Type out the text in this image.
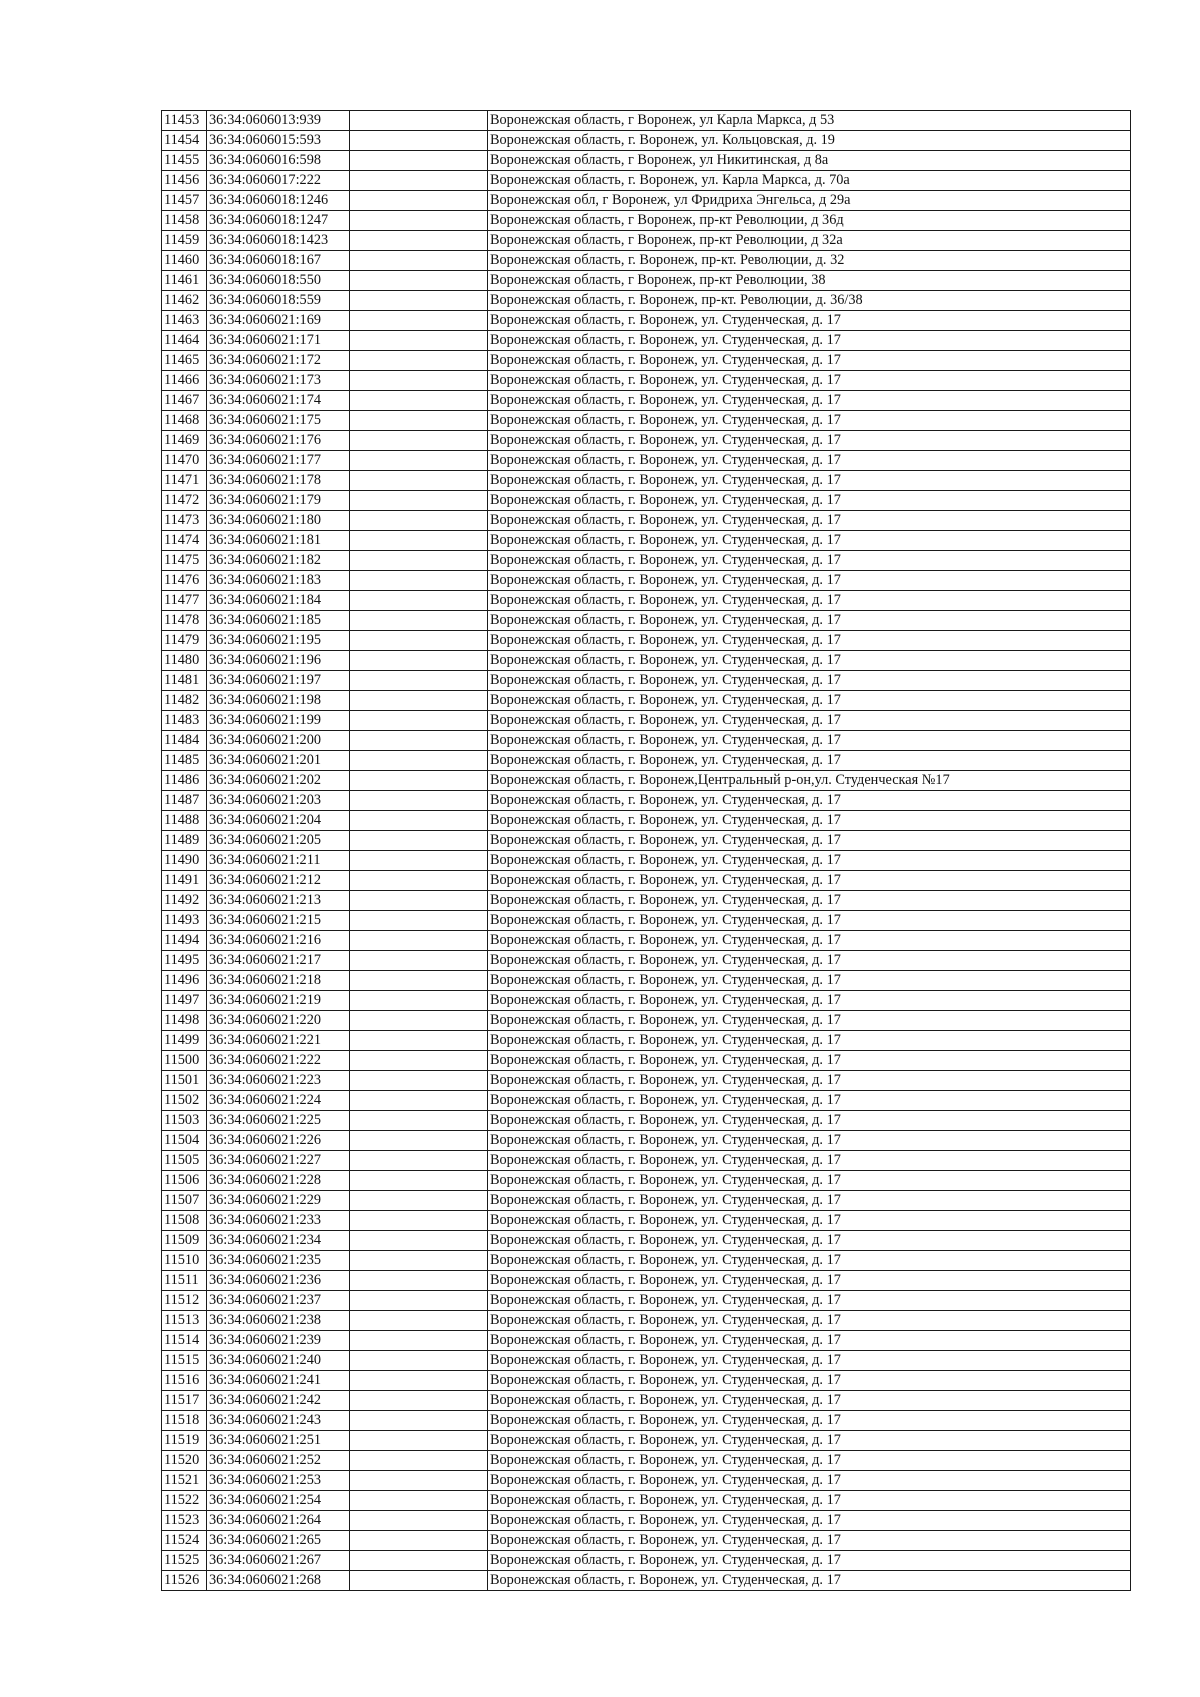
11453	36:34:0606013:939		Воронежская область, г Воронеж, ул Карла Маркса, д 53
11454	36:34:0606015:593		Воронежская область, г. Воронеж, ул. Кольцовская, д. 19
11455	36:34:0606016:598		Воронежская область, г Воронеж, ул Никитинская, д 8а
11456	36:34:0606017:222		Воронежская область, г. Воронеж, ул. Карла Маркса, д. 70а
11457	36:34:0606018:1246		Воронежская обл, г Воронеж, ул Фридриха Энгельса, д 29а
11458	36:34:0606018:1247		Воронежская область, г Воронеж, пр-кт Революции, д 36д
11459	36:34:0606018:1423		Воронежская область, г Воронеж, пр-кт Революции, д 32а
11460	36:34:0606018:167		Воронежская область, г. Воронеж, пр-кт. Революции, д. 32
11461	36:34:0606018:550		Воронежская область, г Воронеж, пр-кт Революции, 38
11462	36:34:0606018:559		Воронежская область, г. Воронеж, пр-кт. Революции, д. 36/38
11463	36:34:0606021:169		Воронежская область, г. Воронеж, ул. Студенческая, д. 17
11464	36:34:0606021:171		Воронежская область, г. Воронеж, ул. Студенческая, д. 17
11465	36:34:0606021:172		Воронежская область, г. Воронеж, ул. Студенческая, д. 17
11466	36:34:0606021:173		Воронежская область, г. Воронеж, ул. Студенческая, д. 17
11467	36:34:0606021:174		Воронежская область, г. Воронеж, ул. Студенческая, д. 17
11468	36:34:0606021:175		Воронежская область, г. Воронеж, ул. Студенческая, д. 17
11469	36:34:0606021:176		Воронежская область, г. Воронеж, ул. Студенческая, д. 17
11470	36:34:0606021:177		Воронежская область, г. Воронеж, ул. Студенческая, д. 17
11471	36:34:0606021:178		Воронежская область, г. Воронеж, ул. Студенческая, д. 17
11472	36:34:0606021:179		Воронежская область, г. Воронеж, ул. Студенческая, д. 17
11473	36:34:0606021:180		Воронежская область, г. Воронеж, ул. Студенческая, д. 17
11474	36:34:0606021:181		Воронежская область, г. Воронеж, ул. Студенческая, д. 17
11475	36:34:0606021:182		Воронежская область, г. Воронеж, ул. Студенческая, д. 17
11476	36:34:0606021:183		Воронежская область, г. Воронеж, ул. Студенческая, д. 17
11477	36:34:0606021:184		Воронежская область, г. Воронеж, ул. Студенческая, д. 17
11478	36:34:0606021:185		Воронежская область, г. Воронеж, ул. Студенческая, д. 17
11479	36:34:0606021:195		Воронежская область, г. Воронеж, ул. Студенческая, д. 17
11480	36:34:0606021:196		Воронежская область, г. Воронеж, ул. Студенческая, д. 17
11481	36:34:0606021:197		Воронежская область, г. Воронеж, ул. Студенческая, д. 17
11482	36:34:0606021:198		Воронежская область, г. Воронеж, ул. Студенческая, д. 17
11483	36:34:0606021:199		Воронежская область, г. Воронеж, ул. Студенческая, д. 17
11484	36:34:0606021:200		Воронежская область, г. Воронеж, ул. Студенческая, д. 17
11485	36:34:0606021:201		Воронежская область, г. Воронеж, ул. Студенческая, д. 17
11486	36:34:0606021:202		Воронежская область, г. Воронеж,Центральный р-он,ул. Студенческая №17
11487	36:34:0606021:203		Воронежская область, г. Воронеж, ул. Студенческая, д. 17
11488	36:34:0606021:204		Воронежская область, г. Воронеж, ул. Студенческая, д. 17
11489	36:34:0606021:205		Воронежская область, г. Воронеж, ул. Студенческая, д. 17
11490	36:34:0606021:211		Воронежская область, г. Воронеж, ул. Студенческая, д. 17
11491	36:34:0606021:212		Воронежская область, г. Воронеж, ул. Студенческая, д. 17
11492	36:34:0606021:213		Воронежская область, г. Воронеж, ул. Студенческая, д. 17
11493	36:34:0606021:215		Воронежская область, г. Воронеж, ул. Студенческая, д. 17
11494	36:34:0606021:216		Воронежская область, г. Воронеж, ул. Студенческая, д. 17
11495	36:34:0606021:217		Воронежская область, г. Воронеж, ул. Студенческая, д. 17
11496	36:34:0606021:218		Воронежская область, г. Воронеж, ул. Студенческая, д. 17
11497	36:34:0606021:219		Воронежская область, г. Воронеж, ул. Студенческая, д. 17
11498	36:34:0606021:220		Воронежская область, г. Воронеж, ул. Студенческая, д. 17
11499	36:34:0606021:221		Воронежская область, г. Воронеж, ул. Студенческая, д. 17
11500	36:34:0606021:222		Воронежская область, г. Воронеж, ул. Студенческая, д. 17
11501	36:34:0606021:223		Воронежская область, г. Воронеж, ул. Студенческая, д. 17
11502	36:34:0606021:224		Воронежская область, г. Воронеж, ул. Студенческая, д. 17
11503	36:34:0606021:225		Воронежская область, г. Воронеж, ул. Студенческая, д. 17
11504	36:34:0606021:226		Воронежская область, г. Воронеж, ул. Студенческая, д. 17
11505	36:34:0606021:227		Воронежская область, г. Воронеж, ул. Студенческая, д. 17
11506	36:34:0606021:228		Воронежская область, г. Воронеж, ул. Студенческая, д. 17
11507	36:34:0606021:229		Воронежская область, г. Воронеж, ул. Студенческая, д. 17
11508	36:34:0606021:233		Воронежская область, г. Воронеж, ул. Студенческая, д. 17
11509	36:34:0606021:234		Воронежская область, г. Воронеж, ул. Студенческая, д. 17
11510	36:34:0606021:235		Воронежская область, г. Воронеж, ул. Студенческая, д. 17
11511	36:34:0606021:236		Воронежская область, г. Воронеж, ул. Студенческая, д. 17
11512	36:34:0606021:237		Воронежская область, г. Воронеж, ул. Студенческая, д. 17
11513	36:34:0606021:238		Воронежская область, г. Воронеж, ул. Студенческая, д. 17
11514	36:34:0606021:239		Воронежская область, г. Воронеж, ул. Студенческая, д. 17
11515	36:34:0606021:240		Воронежская область, г. Воронеж, ул. Студенческая, д. 17
11516	36:34:0606021:241		Воронежская область, г. Воронеж, ул. Студенческая, д. 17
11517	36:34:0606021:242		Воронежская область, г. Воронеж, ул. Студенческая, д. 17
11518	36:34:0606021:243		Воронежская область, г. Воронеж, ул. Студенческая, д. 17
11519	36:34:0606021:251		Воронежская область, г. Воронеж, ул. Студенческая, д. 17
11520	36:34:0606021:252		Воронежская область, г. Воронеж, ул. Студенческая, д. 17
11521	36:34:0606021:253		Воронежская область, г. Воронеж, ул. Студенческая, д. 17
11522	36:34:0606021:254		Воронежская область, г. Воронеж, ул. Студенческая, д. 17
11523	36:34:0606021:264		Воронежская область, г. Воронеж, ул. Студенческая, д. 17
11524	36:34:0606021:265		Воронежская область, г. Воронеж, ул. Студенческая, д. 17
11525	36:34:0606021:267		Воронежская область, г. Воронеж, ул. Студенческая, д. 17
11526	36:34:0606021:268		Воронежская область, г. Воронеж, ул. Студенческая, д. 17
